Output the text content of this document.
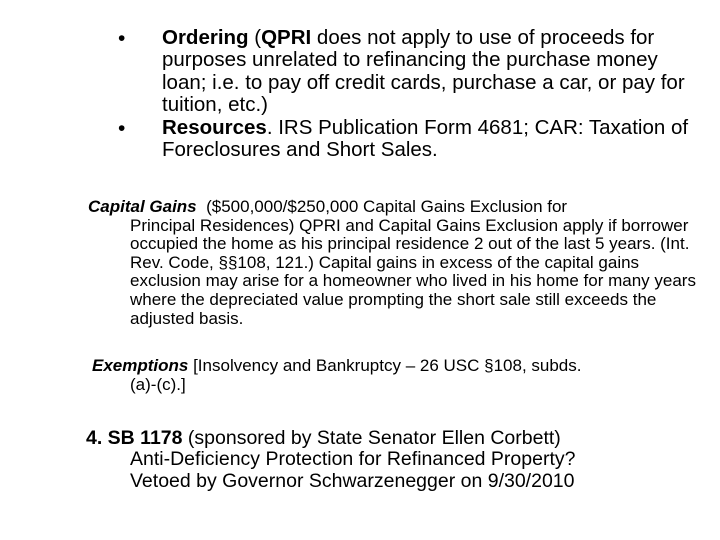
• Ordering (QPRI does not apply to use of proceeds for purposes unrelated to refinancing the purchase money loan; i.e. to pay off credit cards, purchase a car, or pay for tuition, etc.)
• Resources. IRS Publication Form 4681; CAR: Taxation of Foreclosures and Short Sales.
Capital Gains  ($500,000/$250,000 Capital Gains Exclusion for
Principal Residences) QPRI and Capital Gains Exclusion apply if borrower occupied the home as his principal residence 2 out of the last 5 years. (Int. Rev. Code, §§108, 121.) Capital gains in excess of the capital gains exclusion may arise for a homeowner who lived in his home for many years where the depreciated value prompting the short sale still exceeds the adjusted basis.
Exemptions [Insolvency and Bankruptcy – 26 USC §108, subds.
(a)-(c).]
4. SB 1178 (sponsored by State Senator Ellen Corbett)
Anti-Deficiency Protection for Refinanced Property?
Vetoed by Governor Schwarzenegger on 9/30/2010
